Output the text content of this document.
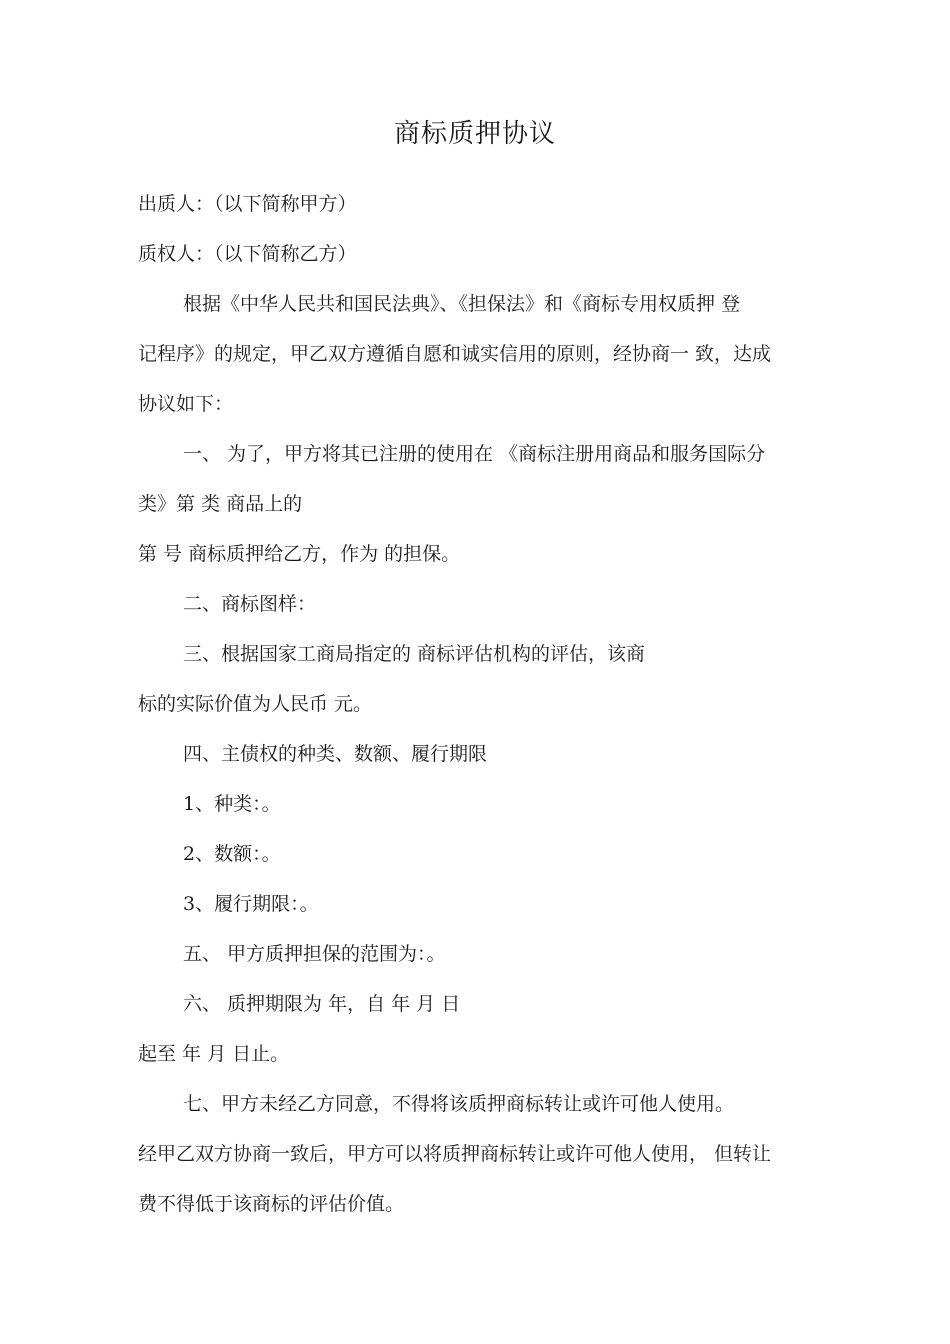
商标质押协议
出质人：（以下简称甲方）
质权人：（以下简称乙方）
根据《中华人民共和国民法典》、《担保法》和《商标专用权质押 登
记程序》的规定，甲乙双方遵循自愿和诚实信用的原则，经协商一 致，达成
协议如下：
一、 为了，甲方将其已注册的使用在 《商标注册用商品和服务国际分
类》第 类 商品上的
第 号 商标质押给乙方，作为 的担保。
二、商标图样：
三、根据国家工商局指定的 商标评估机构的评估，该商
标的实际价值为人民币 元。
四、主债权的种类、数额、履行期限
1、种类：。
2、数额：。
3、履行期限：。
五、 甲方质押担保的范围为：。
六、 质押期限为 年，自 年 月 日
起至 年 月 日止。
七、甲方未经乙方同意，不得将该质押商标转让或许可他人使用。
经甲乙双方协商一致后，甲方可以将质押商标转让或许可他人使用， 但转让
费不得低于该商标的评估价值。
